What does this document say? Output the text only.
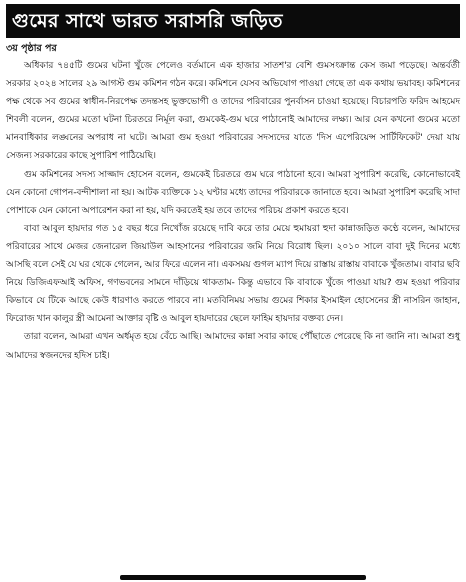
গুমের সাথে ভারত সরাসরি জড়িত
৩য় পৃষ্ঠার পর

অধিকার ৭৪৫টি গুমের ঘটনা খুঁজে পেলেও বর্তমানে এক হাজার সাতশ'র বেশি গুমসংক্রান্ত কেস জমা পড়েছে। অন্তর্বর্তী সরকার ২০২৪ সালের ২৯ আগস্ট গুম কমিশন গঠন করে। কমিশনে যেসব অভিযোগ পাওয়া গেছে তা এক কথায় ভয়াবহ। কমিশনের পক্ষ থেকে সব গুমের স্বাধীন-নিরপেক্ষ তদন্তসহ ভুক্তভোগী ও তাদের পরিবারের পুনর্বাসন চাওয়া হয়েছে। বিচারপতি ফরিদ আহমেদ শিবলী বলেন, গুমের মতো ঘটনা চিরতরে নির্মূল করা, গুমকেই-গুম ঘরে পাঠানোই আমাদের লক্ষ্য। আর যেন কখনো গুমের মতো মানবাধিকার লঙ্ঘনের অপরাধ না ঘটে। আমরা গুম হওয়া পরিবারের সদস্যদের যাতে 'দিস এপেরিয়েন্স সার্টিফিকেট' দেয়া যায় সেজন্য সরকারের কাছে সুপারিশ পাঠিয়েছি।

গুম কমিশনের সদস্য সাজ্জাদ হোসেন বলেন, গুমকেই চিরতরে গুম ঘরে পাঠানো হবে। আমরা সুপারিশ করেছি, কোনোভাবেই যেন কোনো গোপন-বন্দীশালা না হয়। আটক ব্যক্তিকে ১২ ঘণ্টার মধ্যে তাদের পরিবারকে জানাতে হবে। আমরা সুপারিশ করেছি সাদা পোশাকে যেন কোনো অপারেশন করা না হয়, যদি করতেই হয় তবে তাদের পরিচয় প্রকাশ করতে হবে।

বাবা আবুল হায়দার গত ১৫ বছর ধরে নিখোঁজ রয়েছে দাবি করে তার মেয়ে হুমায়রা হুদা কান্নাজড়িত কণ্ঠে বলেন, আমাদের পরিবারের সাথে মেজর জেনারেল জিয়াউল আহসানের পরিবারের জমি নিয়ে বিরোধ ছিল। ২০১০ সালে বাবা দুই দিনের মধ্যে আসছি বলে সেই যে ঘর থেকে গেলেন, আর ফিরে এলেন না। একসময় গুগল ম্যাপ দিয়ে রাস্তায় রাস্তায় বাবাকে খুঁজতাম। বাবার ছবি নিয়ে ডিজিএফআই অফিস, গণভবনের সামনে দাঁড়িয়ে থাকতাম- কিন্তু এভাবে কি বাবাকে খুঁজে পাওয়া যায়? গুম হওয়া পরিবার কিভাবে যে টিকে আছে কেউ ধারণাও করতে পারবে না। মতবিনিময় সভায় গুমের শিকার ইসমাইল হোসেনের স্ত্রী নাসরিন জাহান, ফিরোজ খান কালুর স্ত্রী আমেনা আক্তার বৃষ্টি ও আবুল হায়দারের ছেলে ফাহিম হায়দার বক্তব্য দেন।

তারা বলেন, আমরা এখন অর্ধমৃত হয়ে বেঁচে আছি। আমাদের কান্না সবার কাছে পৌঁছাতে পেরেছে কি না জানি না। আমরা শুধু আমাদের স্বজনদের হদিস চাই।
